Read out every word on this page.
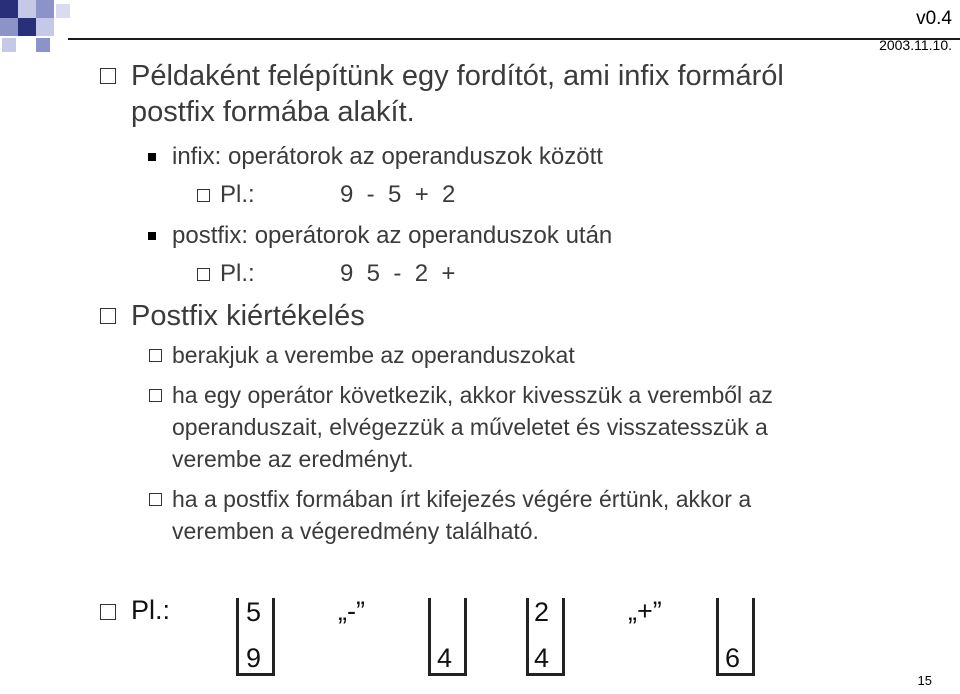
v0.4
2003.11.10.
Példaként felépítünk egy fordítót, ami infix formáról
postfix formába alakít.
infix: operátorok az operanduszok között
Pl.:	9  -  5  +  2
postfix: operátorok az operanduszok után
Pl.:	9  5  -  2  +
Postfix kiértékelés
berakjuk a verembe az operanduszokat
ha egy operátor következik, akkor kivesszük a veremből az
operanduszait, elvégezzük a műveletet és visszatesszük a
verembe az eredményt.
ha a postfix formában írt kifejezés végére értünk, akkor a
veremben a végeredmény található.
Pl.:	5
9
„-”
4
2
4
„+”
6
15
